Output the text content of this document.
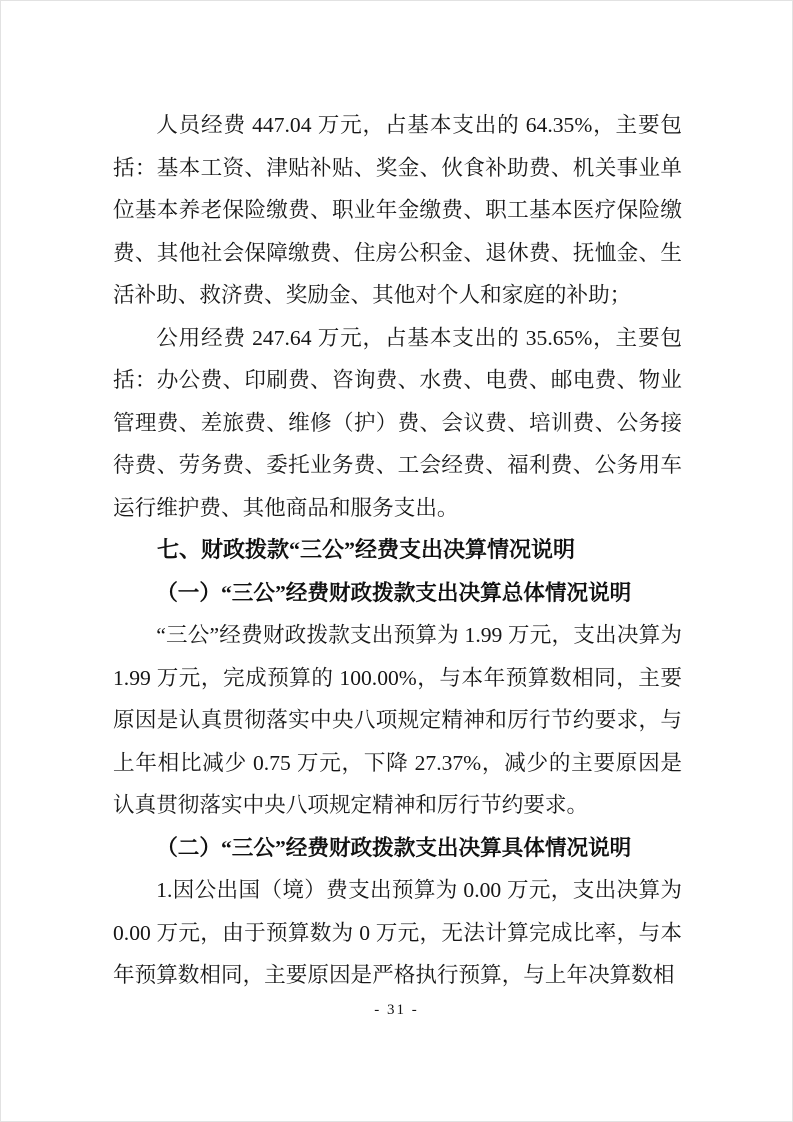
人员经费 447.04 万元，占基本支出的 64.35%，主要包括：基本工资、津贴补贴、奖金、伙食补助费、机关事业单位基本养老保险缴费、职业年金缴费、职工基本医疗保险缴费、其他社会保障缴费、住房公积金、退休费、抚恤金、生活补助、救济费、奖励金、其他对个人和家庭的补助；

公用经费 247.64 万元，占基本支出的 35.65%，主要包括：办公费、印刷费、咨询费、水费、电费、邮电费、物业管理费、差旅费、维修（护）费、会议费、培训费、公务接待费、劳务费、委托业务费、工会经费、福利费、公务用车运行维护费、其他商品和服务支出。

七、财政拨款“三公”经费支出决算情况说明
（一）“三公”经费财政拨款支出决算总体情况说明

“三公”经费财政拨款支出预算为 1.99 万元，支出决算为 1.99 万元，完成预算的 100.00%，与本年预算数相同，主要原因是认真贯彻落实中央八项规定精神和厉行节约要求，与上年相比减少 0.75 万元，下降 27.37%，减少的主要原因是认真贯彻落实中央八项规定精神和厉行节约要求。

（二）“三公”经费财政拨款支出决算具体情况说明

1.因公出国（境）费支出预算为 0.00 万元，支出决算为 0.00 万元，由于预算数为 0 万元，无法计算完成比率，与本年预算数相同，主要原因是严格执行预算，与上年决算数相

- 31 -
